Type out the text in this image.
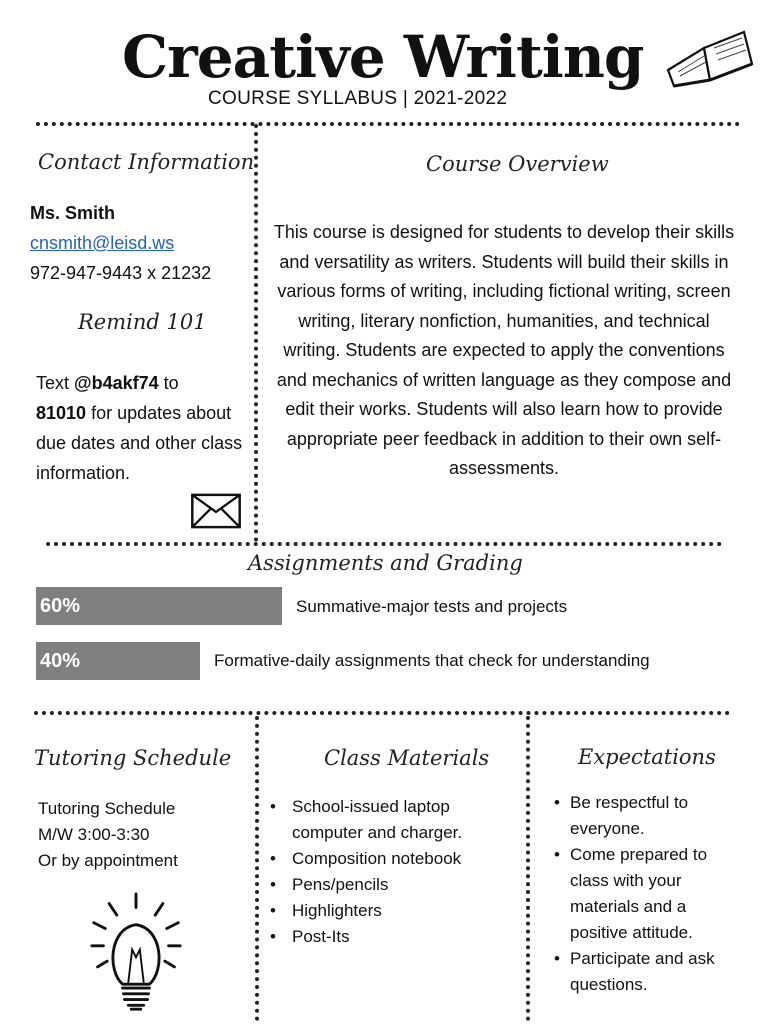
Creative Writing
COURSE SYLLABUS | 2021-2022
Contact Information
Ms. Smith
cnsmith@leisd.ws
972-947-9443 x 21232
Remind 101
Text @b4akf74 to
81010 for updates about due dates and other class information.
Course Overview
This course is designed for students to develop their skills and versatility as writers. Students will build their skills in various forms of writing, including fictional writing, screen writing, literary nonfiction, humanities, and technical writing. Students are expected to apply the conventions and mechanics of written language as they compose and edit their works. Students will also learn how to provide appropriate peer feedback in addition to their own self-assessments.
Assignments and Grading
60%	Summative-major tests and projects
40%	Formative-daily assignments that check for understanding
Tutoring Schedule
Tutoring Schedule
M/W 3:00-3:30
Or by appointment
Class Materials
• School-issued laptop computer and charger.
• Composition notebook
• Pens/pencils
• Highlighters
• Post-Its
Expectations
• Be respectful to everyone.
• Come prepared to class with your materials and a positive attitude.
• Participate and ask questions.
